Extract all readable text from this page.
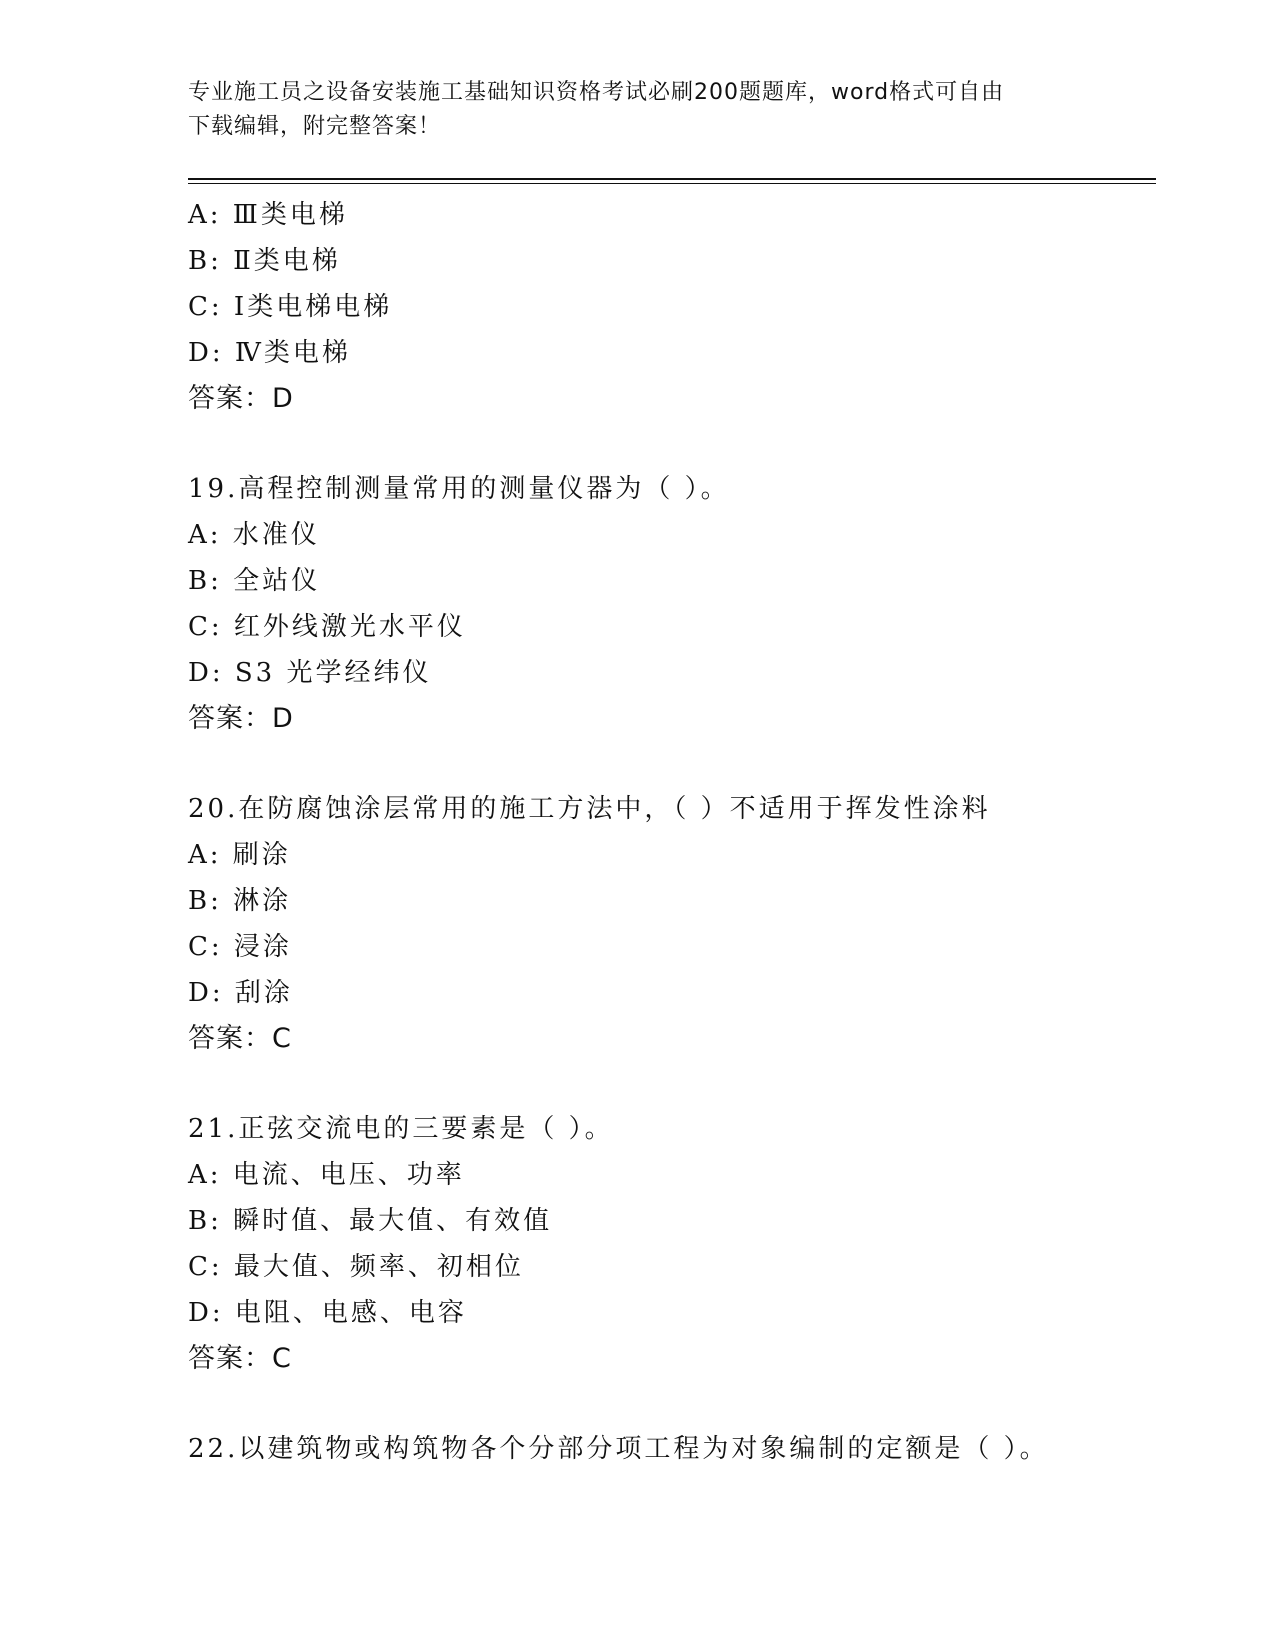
专业施工员之设备安装施工基础知识资格考试必刷200题题库，word格式可自由
下载编辑，附完整答案！
A: Ⅲ类电梯
B: Ⅱ类电梯
C: Ⅰ类电梯电梯
D: Ⅳ类电梯
答案：D
19.高程控制测量常用的测量仪器为（ ）。
A: 水准仪
B: 全站仪
C: 红外线激光水平仪
D: S3 光学经纬仪
答案：D
20.在防腐蚀涂层常用的施工方法中，（ ）不适用于挥发性涂料
A: 刷涂
B: 淋涂
C: 浸涂
D: 刮涂
答案：C
21.正弦交流电的三要素是（ ）。
A: 电流、电压、功率
B: 瞬时值、最大值、有效值
C: 最大值、频率、初相位
D: 电阻、电感、电容
答案：C
22.以建筑物或构筑物各个分部分项工程为对象编制的定额是（ ）。
